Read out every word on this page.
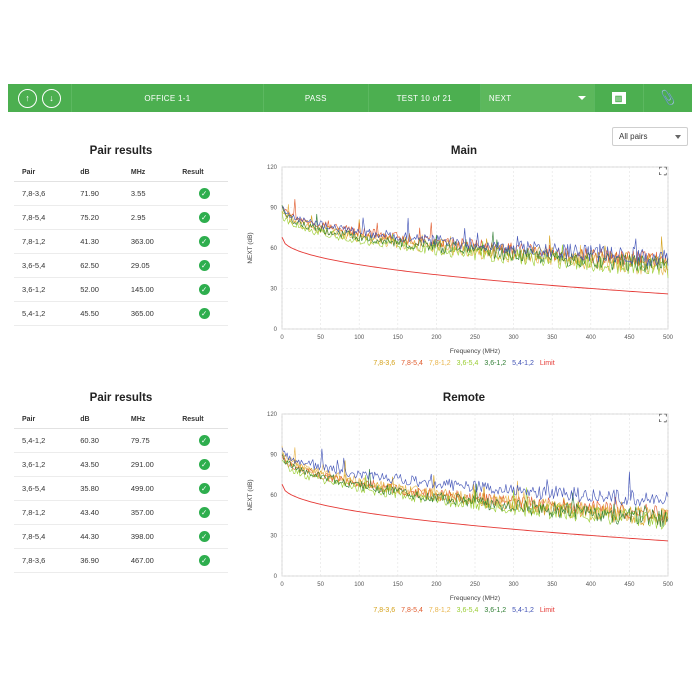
↑ ↓	OFFICE 1-1	PASS	TEST 10 of 21	NEXT	▥	📎
All pairs
Pair results
Pair	dB	MHz	Result
7,8-3,6	71.90	3.55	✓
7,8-5,4	75.20	2.95	✓
7,8-1,2	41.30	363.00	✓
3,6-5,4	62.50	29.05	✓
3,6-1,2	52.00	145.00	✓
5,4-1,2	45.50	365.00	✓
Pair results
Pair	dB	MHz	Result
5,4-1,2	60.30	79.75	✓
3,6-1,2	43.50	291.00	✓
3,6-5,4	35.80	499.00	✓
7,8-1,2	43.40	357.00	✓
7,8-5,4	44.30	398.00	✓
7,8-3,6	36.90	467.00	✓
Main
⛶
0	50	100	150	200	250	300	350	400	450	500
0
30
60
90
120
Frequency (MHz)
NEXT (dB)
7,8-3,6 7,8-5,4 7,8-1,2 3,6-5,4 3,6-1,2 5,4-1,2 Limit
Remote
⛶
0	50	100	150	200	250	300	350	400	450	500
0
30
60
90
120
Frequency (MHz)
NEXT (dB)
7,8-3,6 7,8-5,4 7,8-1,2 3,6-5,4 3,6-1,2 5,4-1,2 Limit
